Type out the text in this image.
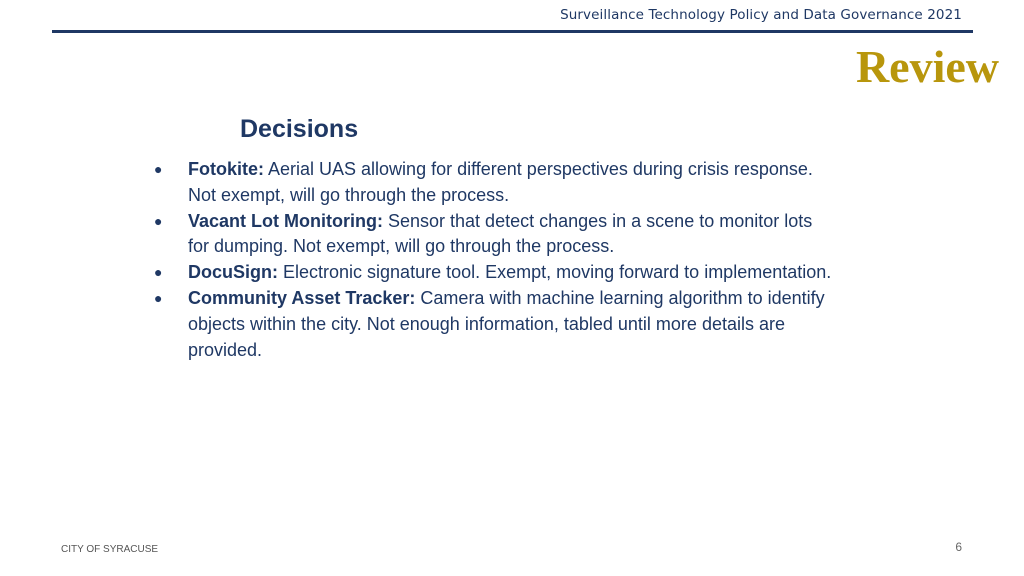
Surveillance Technology Policy and Data Governance 2021
Review
Decisions
● Fotokite: Aerial UAS allowing for different perspectives during crisis response. Not exempt, will go through the process.
● Vacant Lot Monitoring: Sensor that detect changes in a scene to monitor lots for dumping. Not exempt, will go through the process.
● DocuSign: Electronic signature tool. Exempt, moving forward to implementation.
● Community Asset Tracker: Camera with machine learning algorithm to identify objects within the city. Not enough information, tabled until more details are provided.
CITY OF SYRACUSE	6
